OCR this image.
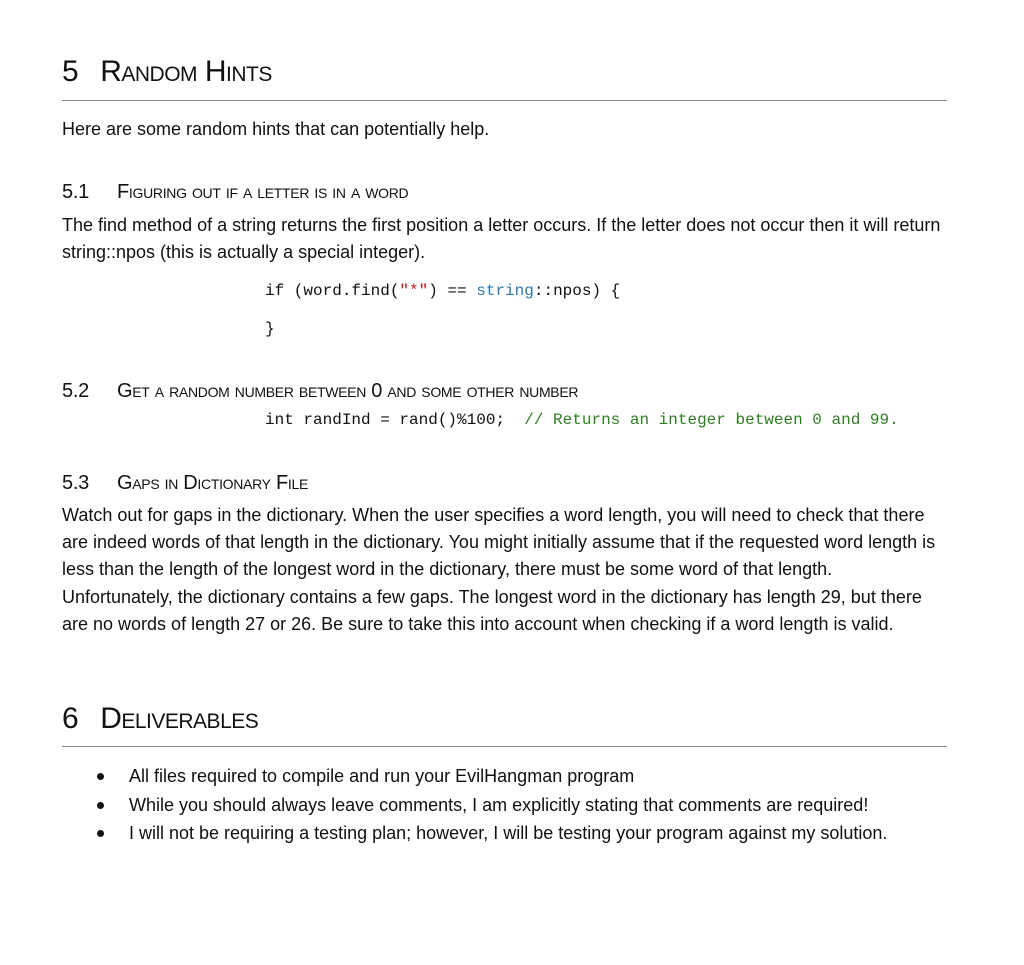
5 Random Hints
Here are some random hints that can potentially help.
5.1 Figuring out if a letter is in a word
The find method of a string returns the first position a letter occurs. If the letter does not occur then it will return string::npos (this is actually a special integer).
if (word.find("*") == string::npos) {
}
5.2 Get a random number between 0 and some other number
int randInd = rand()%100; // Returns an integer between 0 and 99.
5.3 Gaps in Dictionary File
Watch out for gaps in the dictionary. When the user specifies a word length, you will need to check that there are indeed words of that length in the dictionary. You might initially assume that if the requested word length is less than the length of the longest word in the dictionary, there must be some word of that length. Unfortunately, the dictionary contains a few gaps. The longest word in the dictionary has length 29, but there are no words of length 27 or 26. Be sure to take this into account when checking if a word length is valid.
6 Deliverables
All files required to compile and run your EvilHangman program
While you should always leave comments, I am explicitly stating that comments are required!
I will not be requiring a testing plan; however, I will be testing your program against my solution.
